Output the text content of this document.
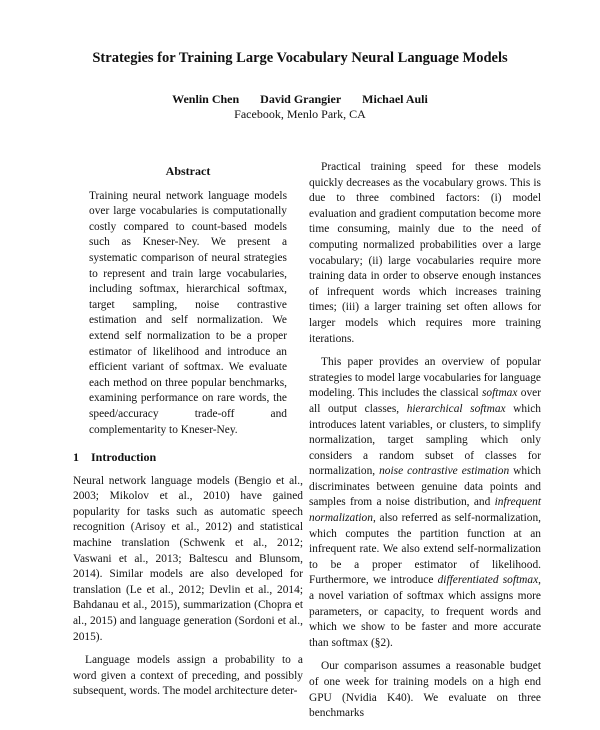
Strategies for Training Large Vocabulary Neural Language Models
Wenlin Chen David Grangier Michael Auli
Facebook, Menlo Park, CA
Abstract

Training neural network language models over large vocabularies is computationally costly compared to count-based models such as Kneser-Ney. We present a systematic comparison of neural strategies to represent and train large vocabularies, including softmax, hierarchical softmax, target sampling, noise contrastive estimation and self normalization. We extend self normalization to be a proper estimator of likelihood and introduce an efficient variant of softmax. We evaluate each method on three popular benchmarks, examining performance on rare words, the speed/accuracy trade-off and complementarity to Kneser-Ney.

1 Introduction

Neural network language models (Bengio et al., 2003; Mikolov et al., 2010) have gained popularity for tasks such as automatic speech recognition (Arisoy et al., 2012) and statistical machine translation (Schwenk et al., 2012; Vaswani et al., 2013; Baltescu and Blunsom, 2014). Similar models are also developed for translation (Le et al., 2012; Devlin et al., 2014; Bahdanau et al., 2015), summarization (Chopra et al., 2015) and language generation (Sordoni et al., 2015).

Language models assign a probability to a word given a context of preceding, and possibly subsequent, words. The model architecture deter-

Practical training speed for these models quickly decreases as the vocabulary grows. This is due to three combined factors: (i) model evaluation and gradient computation become more time consuming, mainly due to the need of computing normalized probabilities over a large vocabulary; (ii) large vocabularies require more training data in order to observe enough instances of infrequent words which increases training times; (iii) a larger training set often allows for larger models which requires more training iterations.

This paper provides an overview of popular strategies to model large vocabularies for language modeling. This includes the classical softmax over all output classes, hierarchical softmax which introduces latent variables, or clusters, to simplify normalization, target sampling which only considers a random subset of classes for normalization, noise contrastive estimation which discriminates between genuine data points and samples from a noise distribution, and infrequent normalization, also referred as self-normalization, which computes the partition function at an infrequent rate. We also extend self-normalization to be a proper estimator of likelihood. Furthermore, we introduce differentiated softmax, a novel variation of softmax which assigns more parameters, or capacity, to frequent words and which we show to be faster and more accurate than softmax (§2).

Our comparison assumes a reasonable budget of one week for training models on a high end GPU (Nvidia K40). We evaluate on three benchmarks
